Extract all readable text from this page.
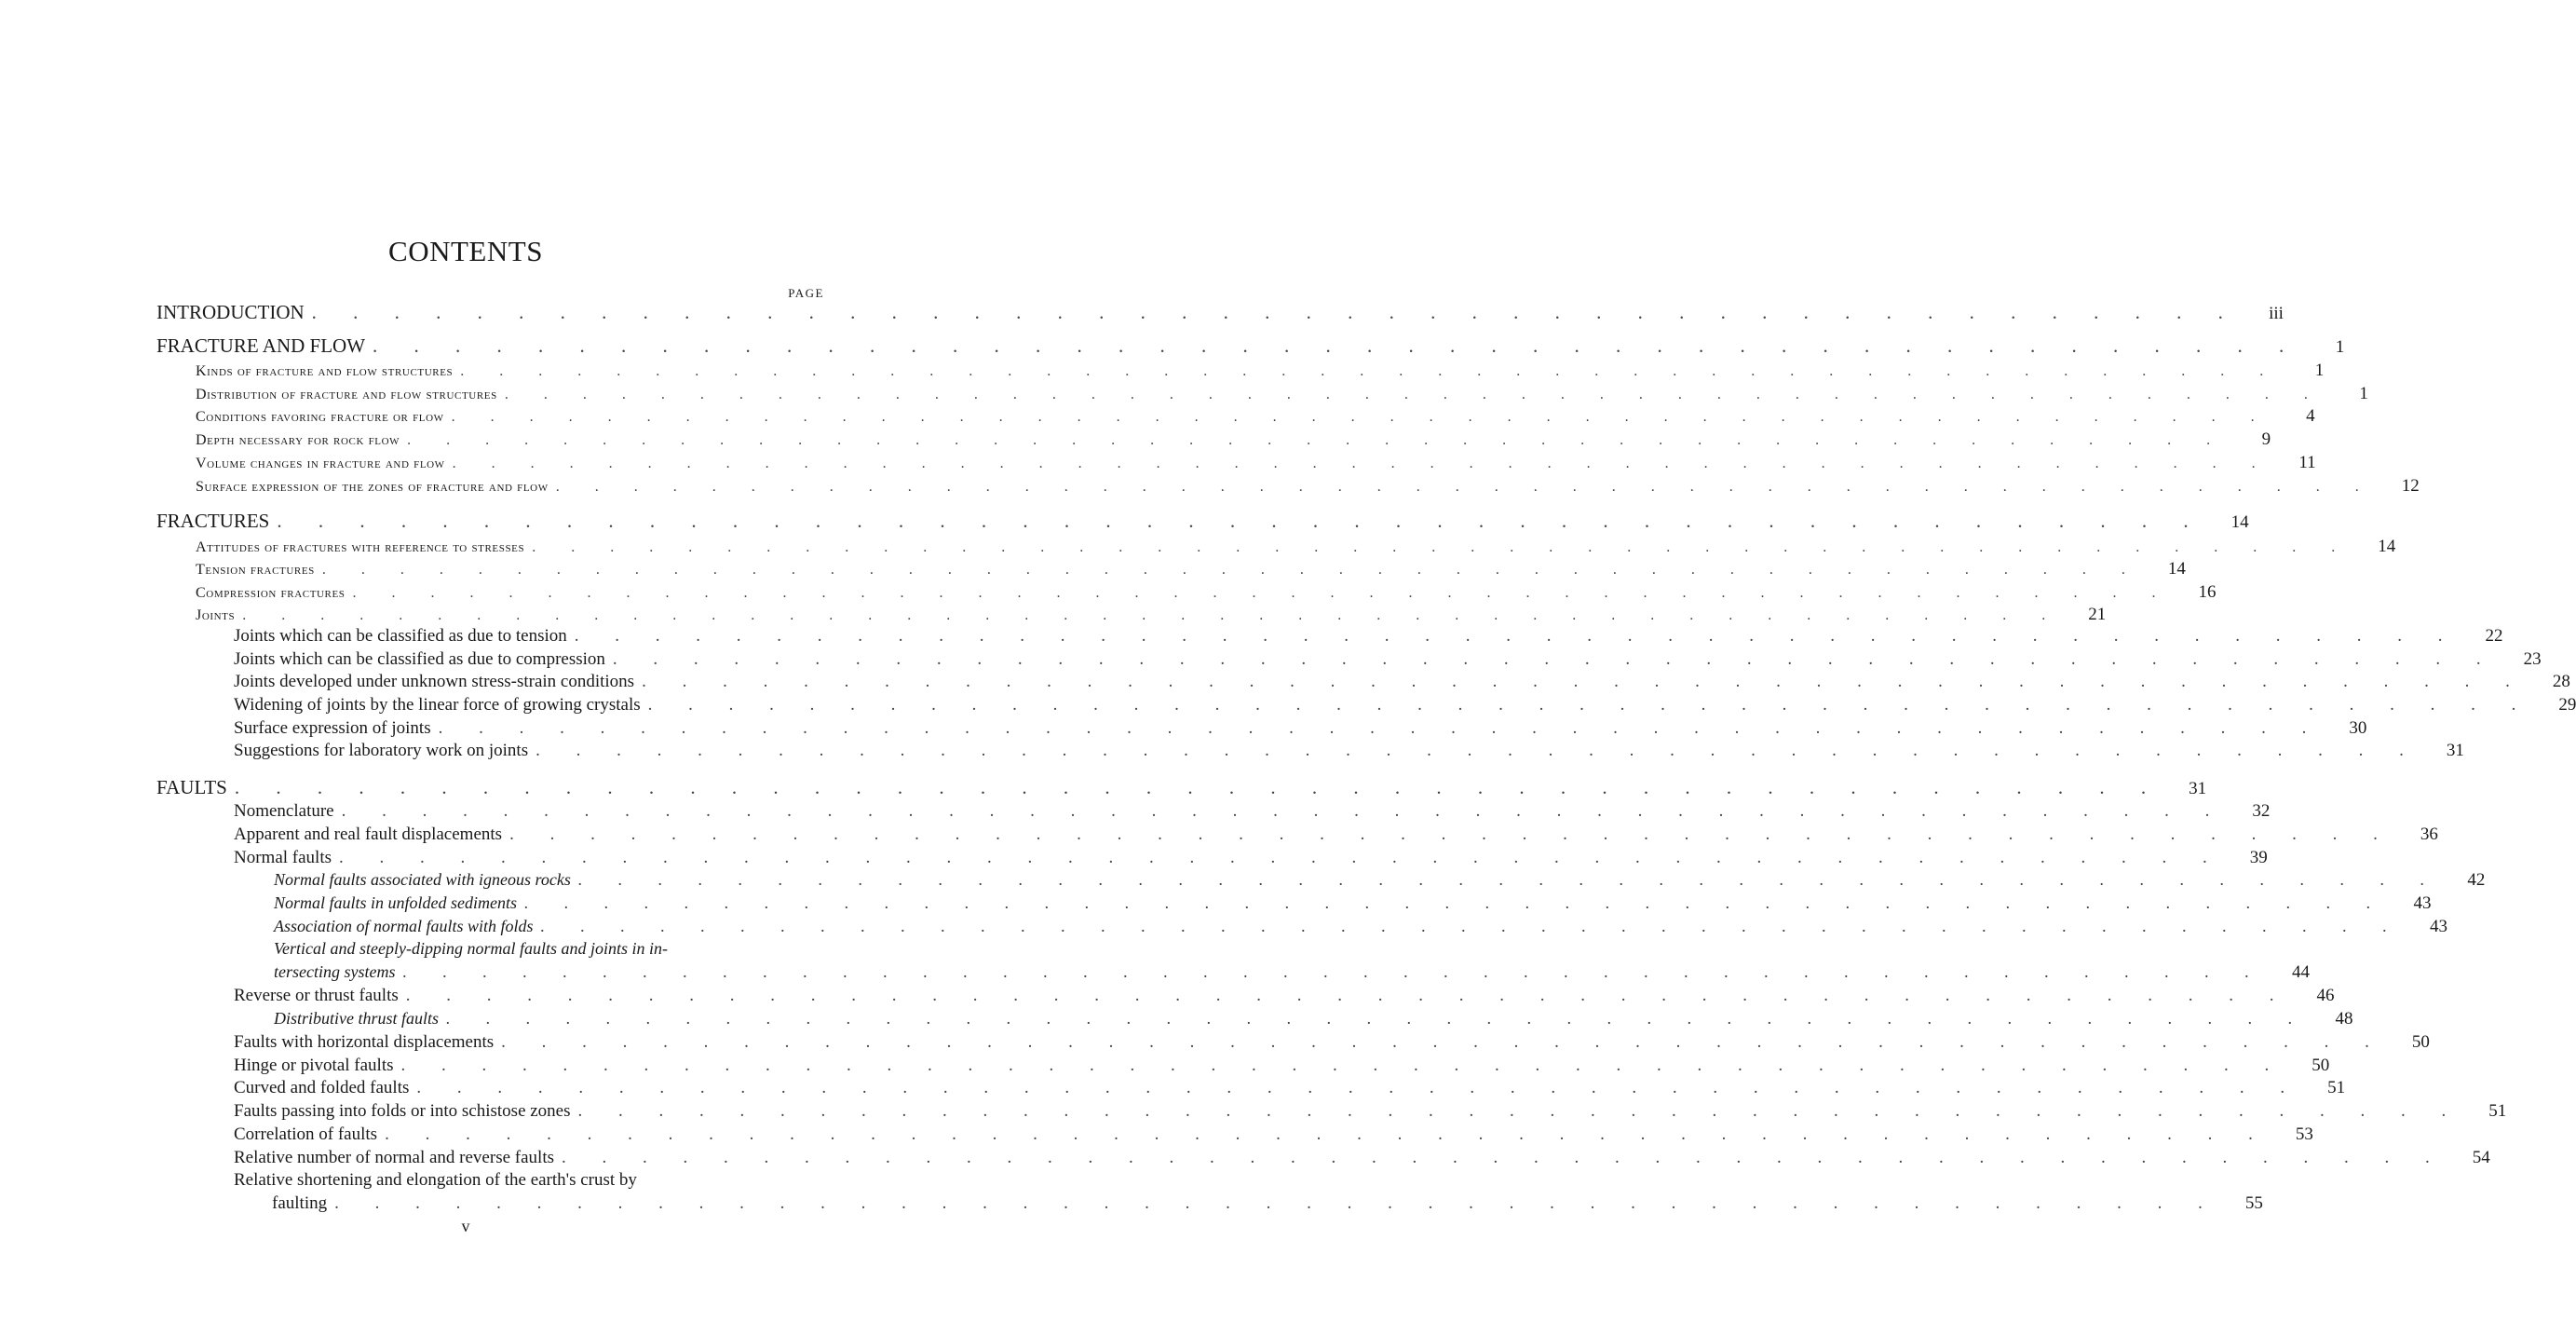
CONTENTS
PAGE
INTRODUCTION . . .	iii
FRACTURE AND FLOW . . .	1
Kinds of fracture and flow structures . . .	1
Distribution of fracture and flow structures . . .	1
Conditions favoring fracture or flow . . .	4
Depth necessary for rock flow . . .	9
Volume changes in fracture and flow . . .	11
Surface expression of the zones of fracture and flow . . .	12
FRACTURES . . .	14
Attitudes of fractures with reference to stresses . . .	14
Tension fractures . . .	14
Compression fractures . . .	16
Joints . . .	21
Joints which can be classified as due to tension . . .	22
Joints which can be classified as due to compression . . .	23
Joints developed under unknown stress-strain conditions . . .	28
Widening of joints by the linear force of growing crystals . . .	29
Surface expression of joints . . .	30
Suggestions for laboratory work on joints . . .	31
FAULTS . . .	31
Nomenclature . . .	32
Apparent and real fault displacements . . .	36
Normal faults . . .	39
Normal faults associated with igneous rocks . . .	42
Normal faults in unfolded sediments . . .	43
Association of normal faults with folds . . .	43
Vertical and steeply-dipping normal faults and joints in in-
tersecting systems . . .	44
Reverse or thrust faults . . .	46
Distributive thrust faults . . .	48
Faults with horizontal displacements . . .	50
Hinge or pivotal faults . . .	50
Curved and folded faults . . .	51
Faults passing into folds or into schistose zones . . .	51
Correlation of faults . . .	53
Relative number of normal and reverse faults . . .	54
Relative shortening and elongation of the earth's crust by
faulting . . .	55
v
